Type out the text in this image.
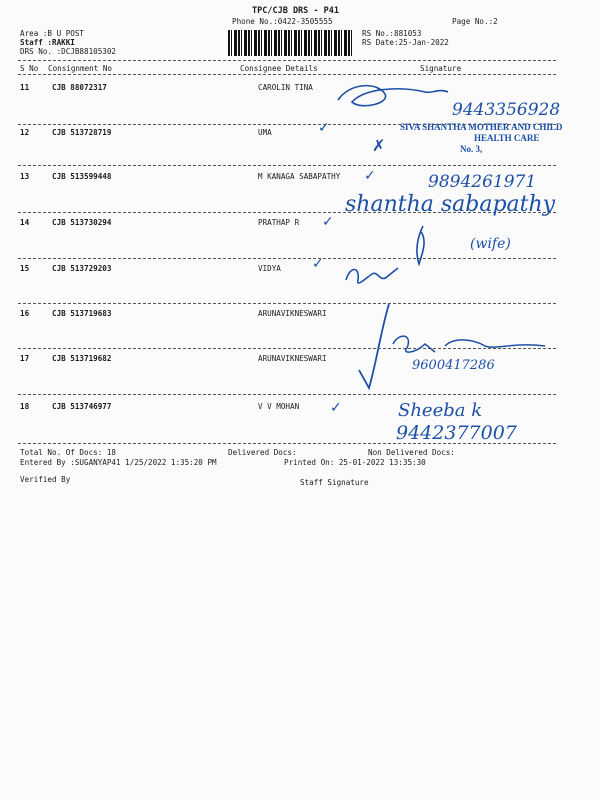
TPC/CJB DRS - P41
Phone No.:0422-3505555	Page No.:2
Area :B U POST
Staff :RAKKI
DRS No. :DCJB88105302
RS No.:881053
RS Date:25-Jan-2022
S No Consignment No	Consignee Details	Signature
11	CJB 88072317	CAROLIN TINA
12	CJB 513728719	UMA
13	CJB 513599448	M KANAGA SABAPATHY
14	CJB 513730294	PRATHAP R
15	CJB 513729203	VIDYA
16	CJB 513719683	ARUNAVIKNESWARI
17	CJB 513719682	ARUNAVIKNESWARI
18	CJB 513746977	V V MOHAN
Total No. Of Docs: 18	Delivered Docs:	Non Delivered Docs:
Entered By :SUGANYAP41 1/25/2022 1:35:20 PM	Printed On: 25-01-2022 13:35:30
Verified By	Staff Signature
9443356928
✓
✗
SIVA SHANTHA MOTHER AND CHILD
HEALTH CARE
No. 3,
✓	9894261971
shantha sabapathy
✓
(wife)
✓
9600417286
✓	Sheeba k
9442377007
